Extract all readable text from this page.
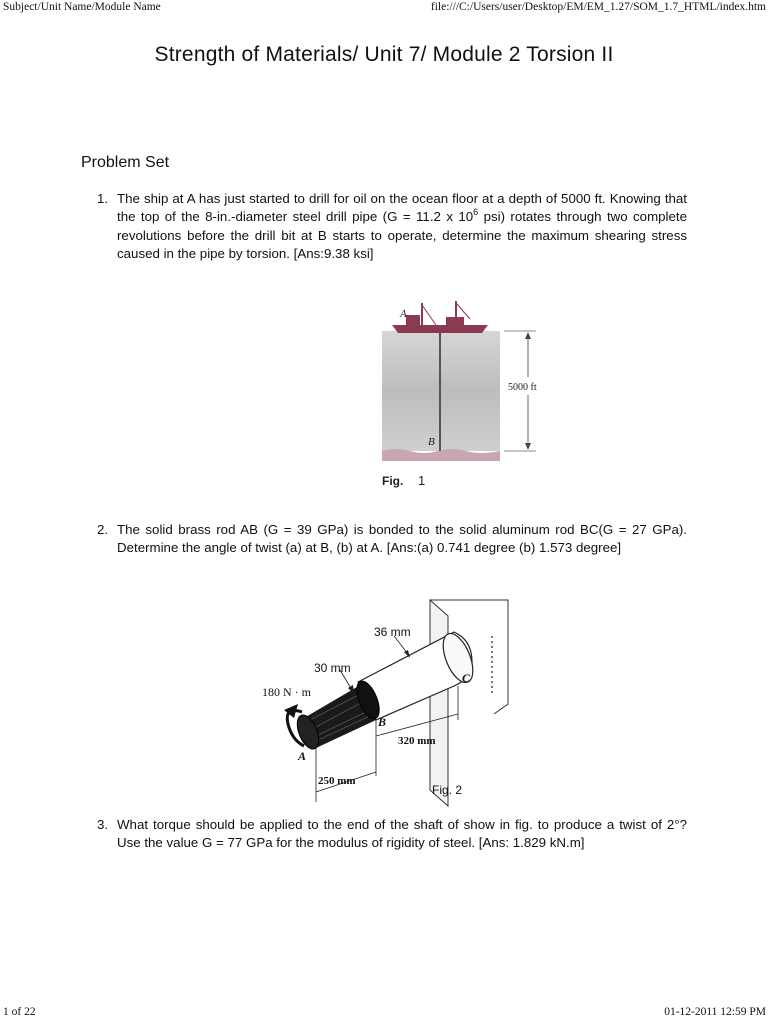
Subject/Unit Name/Module Name	file:///C:/Users/user/Desktop/EM/EM_1.27/SOM_1.7_HTML/index.htm
Strength of Materials/ Unit 7/ Module 2 Torsion II
Problem Set
1. The ship at A has just started to drill for oil on the ocean floor at a depth of 5000 ft. Knowing that the top of the 8-in.-diameter steel drill pipe (G = 11.2 x $10^6$ psi) rotates through two complete revolutions before the drill bit at B starts to operate, determine the maximum shearing stress caused in the pipe by torsion. [Ans:9.38 ksi]
A
B
5000 ft
Fig. 1
2. The solid brass rod AB (G = 39 GPa) is bonded to the solid aluminum rod BC(G = 27 GPa). Determine the angle of twist (a) at B, (b) at A. [Ans:(a) 0.741 degree (b) 1.573 degree]
36 mm
30 mm
180 N · m
320 mm
250 mm
A
B
C
Fig. 2
3. What torque should be applied to the end of the shaft of show in fig. to produce a twist of 2°? Use the value G = 77 GPa for the modulus of rigidity of steel. [Ans: 1.829 kN.m]
1 of 22	01-12-2011 12:59 PM
